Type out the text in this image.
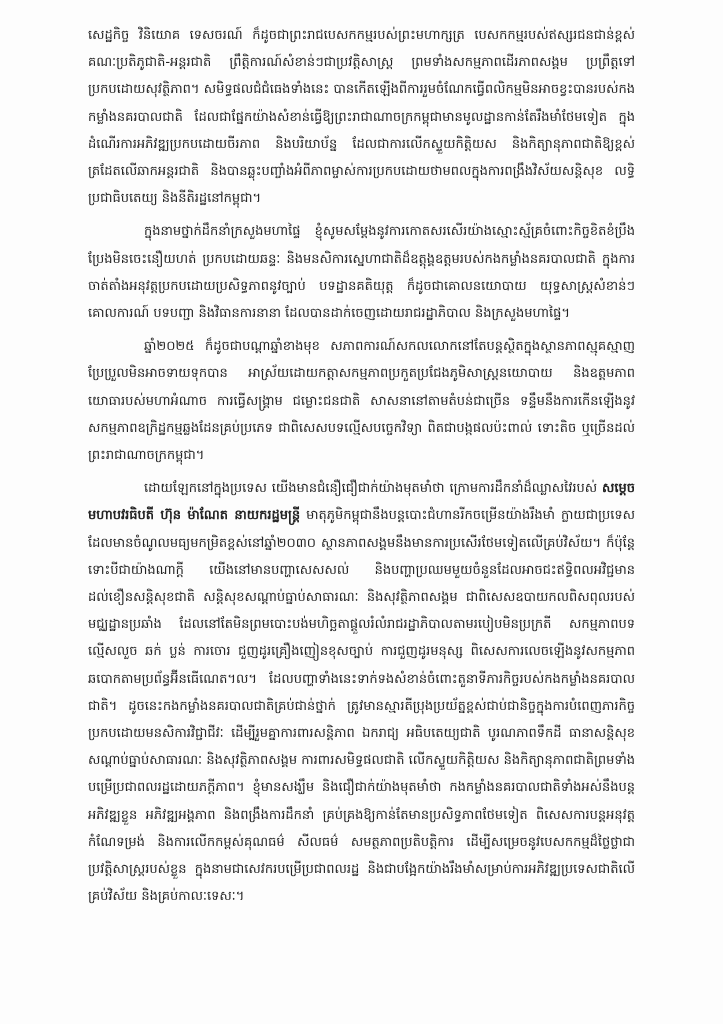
សេដ្ឋកិច្ច វិនិយោគ ទេសចរណ៍ ក៏ដូចជាព្រះរាជបេសកកម្មរបស់ព្រះមហាក្សត្រ បេសកកម្មរបស់ឥស្សរជនជាន់ខ្ពស់ គណៈប្រតិភូជាតិ-អន្តរជាតិ ព្រឹត្តិការណ៍សំខាន់ៗជាប្រវត្តិសាស្ត្រ ព្រមទាំងសកម្មភាពដើរភាពសង្គម ប្រព្រឹត្តទៅប្រកបដោយសុវត្ថិភាព។ សមិទ្ធផលជំជំធេងទាំងនេះ បានកើតឡើងពីការរួមចំណែកធ្វើពលិកម្មមិនអាចខ្វះបានរបស់កងកម្លាំងនគរបាលជាតិ ដែលជាផ្នែកយ៉ាងសំខាន់ធ្វើឱ្យព្រះរាជាណាចក្រកម្ពុជាមានមូលដ្ឋានកាន់តែរឹងមាំថែមទៀត ក្នុងដំណើរការអភិវឌ្ឍប្រកបដោយចីរភាព និងបរិយាប័ន្ន ដែលជាការលើកស្ទួយកិត្តិយស និងកិត្យានុភាពជាតិឱ្យខ្ពស់ត្រដែតលើឆាកអន្តរជាតិ និងបានឆ្លុះបញ្ចាំងអំពីភាពម្ចាស់ការប្រកបដោយថាមពលក្នុងការពង្រឹងវិស័យសន្តិសុខ លទ្ធិប្រជាធិបតេយ្យ និងនីតិរដ្ឋនៅកម្ពុជា។

ក្នុងនាមថ្នាក់ដឹកនាំក្រសួងមហាផ្ទៃ ខ្ញុំសូមសម្តែងនូវការកោតសរសើរយ៉ាងស្មោះស្ម័គ្រចំពោះកិច្ចខិតខំប្រឹងប្រែងមិនចេះនឿយហត់ ប្រកបដោយឆន្ទៈ និងមនសិការស្នេហាជាតិដ៏ឧត្តុង្គឧត្តមរបស់កងកម្លាំងនគរបាលជាតិ ក្នុងការចាត់តាំងអនុវត្តប្រកបដោយប្រសិទ្ធភាពនូវច្បាប់ បទដ្ឋានគតិយុត្ត ក៏ដូចជាគោលនយោបាយ យុទ្ធសាស្ត្រសំខាន់ៗ គោលការណ៍ បទបញ្ជា និងវិធានការនានា ដែលបានដាក់ចេញដោយរាជរដ្ឋាភិបាល និងក្រសួងមហាផ្ទៃ។

ឆ្នាំ២០២៥ ក៏ដូចជាបណ្តាឆ្នាំខាងមុខ សភាពការណ៍សកលលោកនៅតែបន្តស្ថិតក្នុងស្ថានភាពស្មុគស្មាញ ប្រែប្រួលមិនអាចទាយទុកបាន អាស្រ័យដោយកត្តាសកម្មភាពប្រកួតប្រជែងភូមិសាស្ត្រនយោបាយ និងឧត្តមភាពយោធារបស់មហាអំណាច ការធ្វើសង្គ្រាម ជម្លោះជនជាតិ សាសនានៅតាមតំបន់ជាច្រើន ទន្ទឹមនឹងការកើនឡើងនូវសកម្មភាពឧក្រិដ្ឋកម្មឆ្លងដែនគ្រប់ប្រភេទ ជាពិសេសបទល្មើសបច្ចេកវិទ្យា ពិតជាបង្កផលប៉ះពាល់ ទោះតិច ឬច្រើនដល់ព្រះរាជាណាចក្រកម្ពុជា។

ដោយឡែកនៅក្នុងប្រទេស យើងមានជំនឿជឿជាក់យ៉ាងមុតមាំថា ក្រោមការដឹកនាំដ៏ឈ្លាសវៃរបស់ សម្តេចមហាបវរធិបតី ហ៊ុន ម៉ាណែត នាយករដ្ឋមន្ត្រី មាតុភូមិកម្ពុជានឹងបន្តបោះជំហានរីកចម្រើនយ៉ាងរឹងមាំ ក្លាយជាប្រទេសដែលមានចំណូលមធ្យមកម្រិតខ្ពស់នៅឆ្នាំ២០៣០ ស្ថានភាពសង្គមនឹងមានការប្រសើរថែមទៀតលើគ្រប់វិស័យ។ ក៏ប៉ុន្តែទោះបីជាយ៉ាងណាក្តី យើងនៅមានបញ្ហាសេសសល់ និងបញ្ហាប្រឈមមួយចំនួនដែលអាចជះឥទ្ធិពលអវិជ្ជមានដល់ខឿនសន្តិសុខជាតិ សន្តិសុខសណ្តាប់ធ្នាប់សាធារណៈ និងសុវត្ថិភាពសង្គម ជាពិសេសឧបាយកលពិសពុលរបស់មជ្ឈដ្ឋានប្រឆាំង ដែលនៅតែមិនព្រមបោះបង់មហិច្ឆតាផ្តួលរំលំរាជរដ្ឋាភិបាលតាមរបៀបមិនប្រក្រតី សកម្មភាពបទល្មើសលួច ឆក់ ប្លន់ ការចោរ ជួញដូរគ្រឿងញៀនខុសច្បាប់ ការជួញដូរមនុស្ស ពិសេសការលេចឡើងនូវសកម្មភាពឆបោកតាមប្រព័ន្ធអ៊ីនធើណេត។ល។ ដែលបញ្ហាទាំងនេះទាក់ទងសំខាន់ចំពោះតួនាទីភារកិច្ចរបស់កងកម្លាំងនគរបាលជាតិ។ ដូចនេះកងកម្លាំងនគរបាលជាតិគ្រប់ជាន់ថ្នាក់ ត្រូវមានស្មារតីប្រុងប្រយ័ត្នខ្ពស់ជាប់ជានិច្ចក្នុងការបំពេញភារកិច្ច ប្រកបដោយមនសិការវិជ្ជាជីវៈ ដើម្បីរួមគ្នាការពារសន្តិភាព ឯករាជ្យ អធិបតេយ្យជាតិ បូរណភាពទឹកដី ធានាសន្តិសុខសណ្តាប់ធ្នាប់សាធារណៈ និងសុវត្ថិភាពសង្គម ការពារសមិទ្ធផលជាតិ លើកស្ទួយកិត្តិយស និងកិត្យានុភាពជាតិព្រមទាំងបម្រើប្រជាពលរដ្ឋដោយភក្តីភាព។ ខ្ញុំមានសង្ឃឹម និងជឿជាក់យ៉ាងមុតមាំថា កងកម្លាំងនគរបាលជាតិទាំងអស់នឹងបន្តអភិវឌ្ឍខ្លួន អភិវឌ្ឍអង្គភាព និងពង្រឹងការដឹកនាំ គ្រប់គ្រងឱ្យកាន់តែមានប្រសិទ្ធភាពថែមទៀត ពិសេសការបន្តអនុវត្តកំណែទម្រង់ និងការលើកកម្ពស់គុណធម៌ សីលធម៌ សមត្ថភាពប្រតិបត្តិការ ដើម្បីសម្រេចនូវបេសកកម្មដ៏ថ្លៃថ្លាជាប្រវត្តិសាស្ត្ររបស់ខ្លួន ក្នុងនាមជាសេវករបម្រើប្រជាពលរដ្ឋ និងជាបង្អែកយ៉ាងរឹងមាំសម្រាប់ការអភិវឌ្ឍប្រទេសជាតិលើគ្រប់វិស័យ និងគ្រប់កាលៈទេសៈ។
